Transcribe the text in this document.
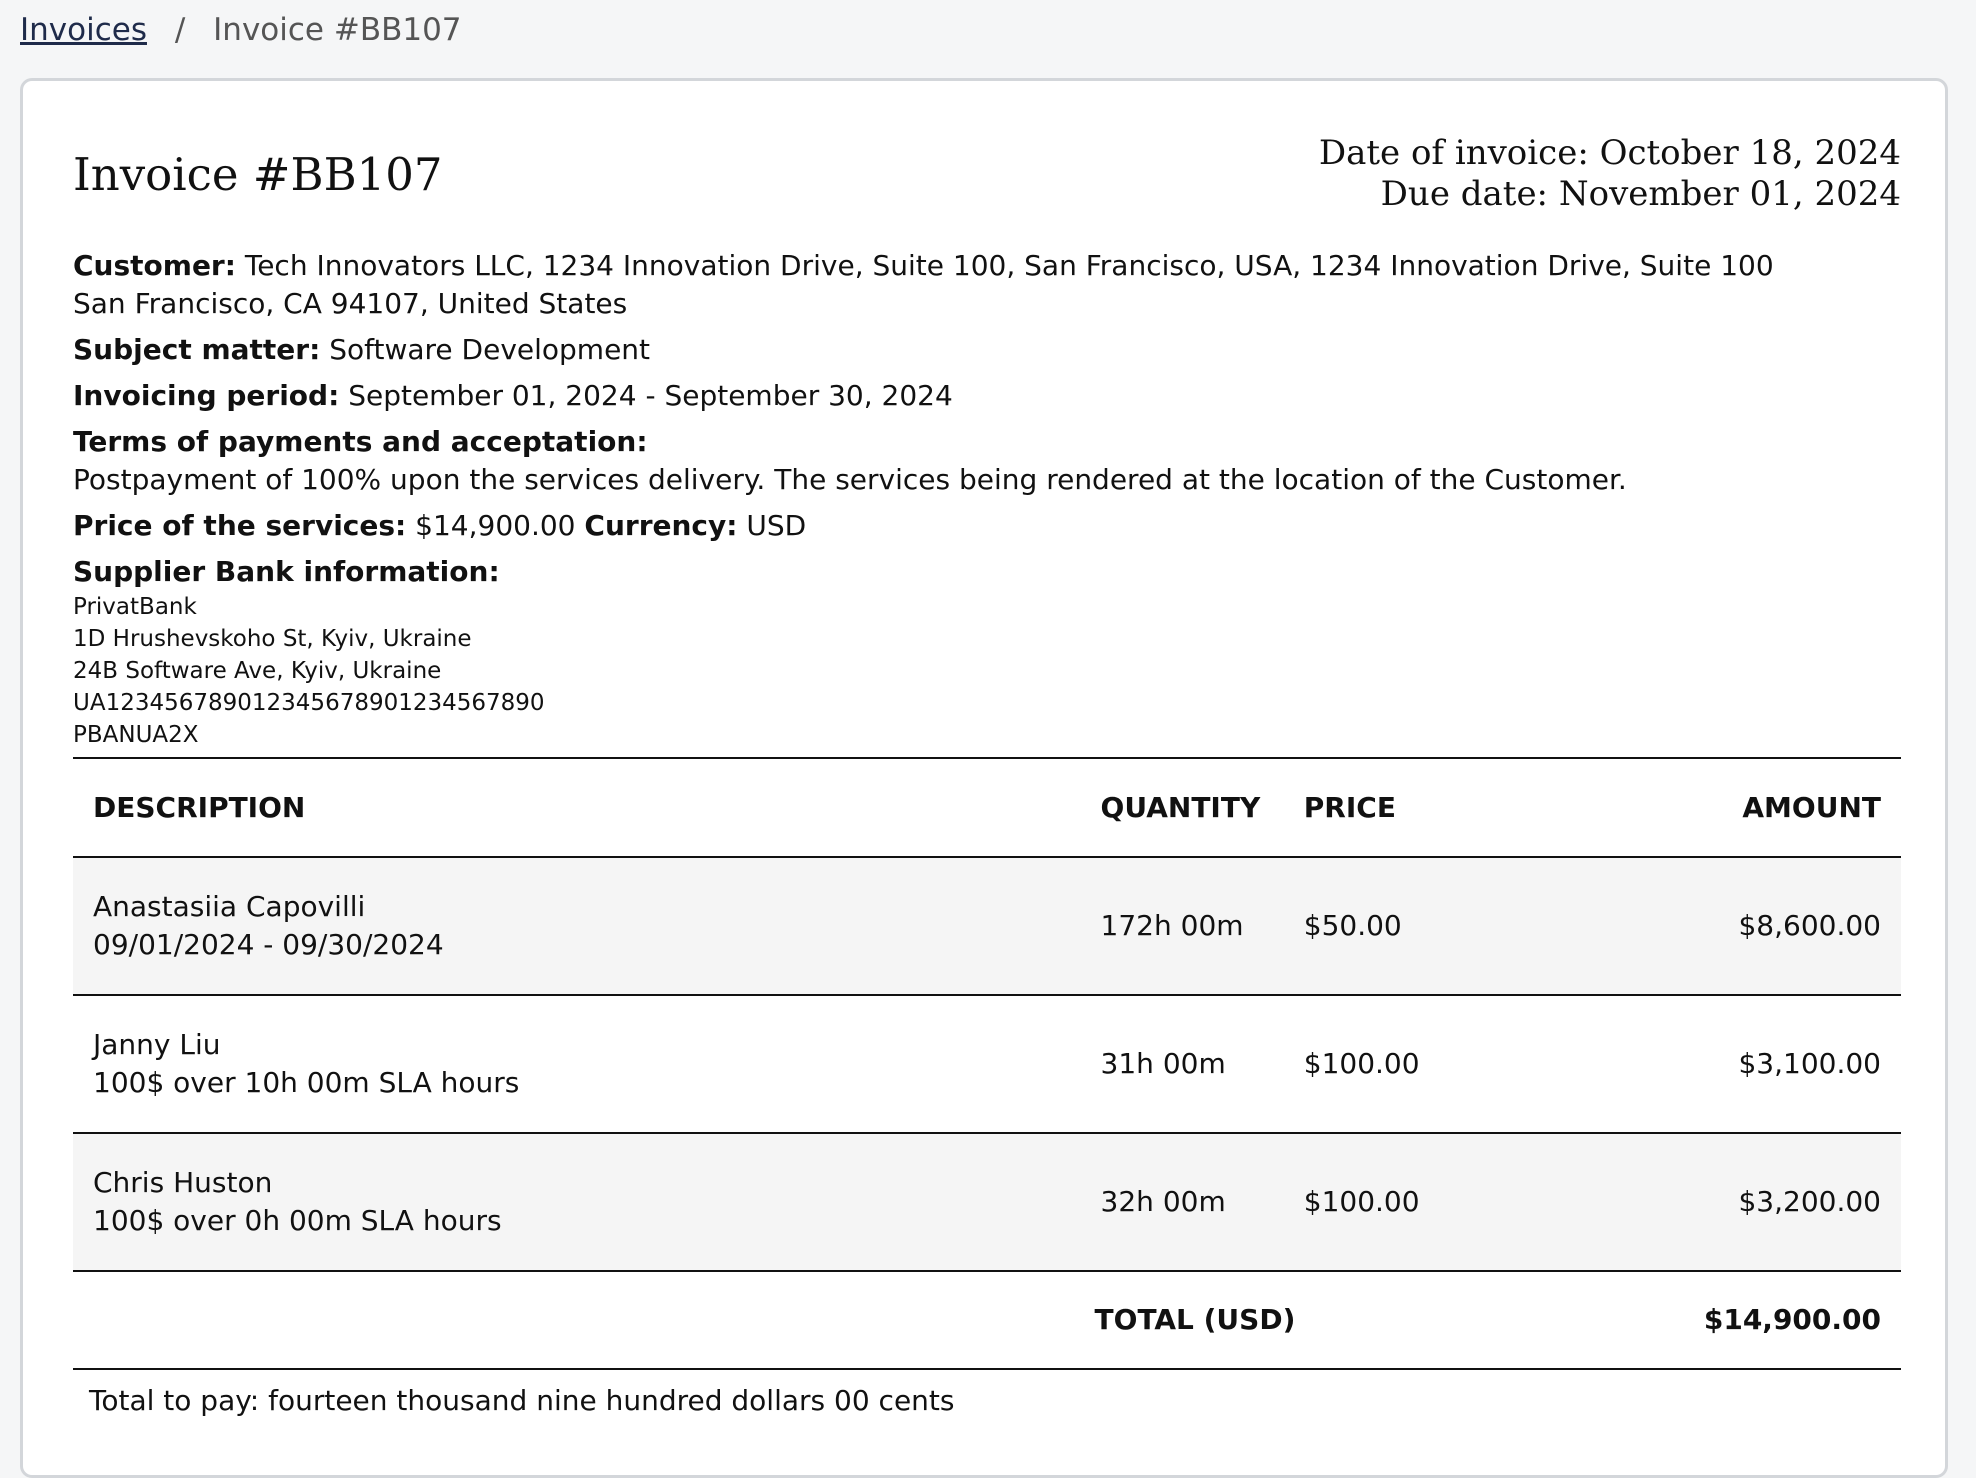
Invoices / Invoice #BB107
Invoice #BB107	Date of invoice: October 18, 2024
Due date: November 01, 2024
Customer: Tech Innovators LLC, 1234 Innovation Drive, Suite 100, San Francisco, USA, 1234 Innovation Drive, Suite 100
San Francisco, CA 94107, United States
Subject matter: Software Development
Invoicing period: September 01, 2024 - September 30, 2024
Terms of payments and acceptation:
Postpayment of 100% upon the services delivery. The services being rendered at the location of the Customer.
Price of the services: $14,900.00 Currency: USD
Supplier Bank information:
PrivatBank
1D Hrushevskoho St, Kyiv, Ukraine
24B Software Ave, Kyiv, Ukraine
UA123456789012345678901234567890
PBANUA2X
DESCRIPTION	QUANTITY	PRICE	AMOUNT

Anastasiia Capovilli
09/01/2024 - 09/30/2024	172h 00m	$50.00	$8,600.00

Janny Liu
100$ over 10h 00m SLA hours	31h 00m	$100.00	$3,100.00

Chris Huston
100$ over 0h 00m SLA hours	32h 00m	$100.00	$3,200.00
	TOTAL (USD)		$14,900.00
Total to pay: fourteen thousand nine hundred dollars 00 cents
